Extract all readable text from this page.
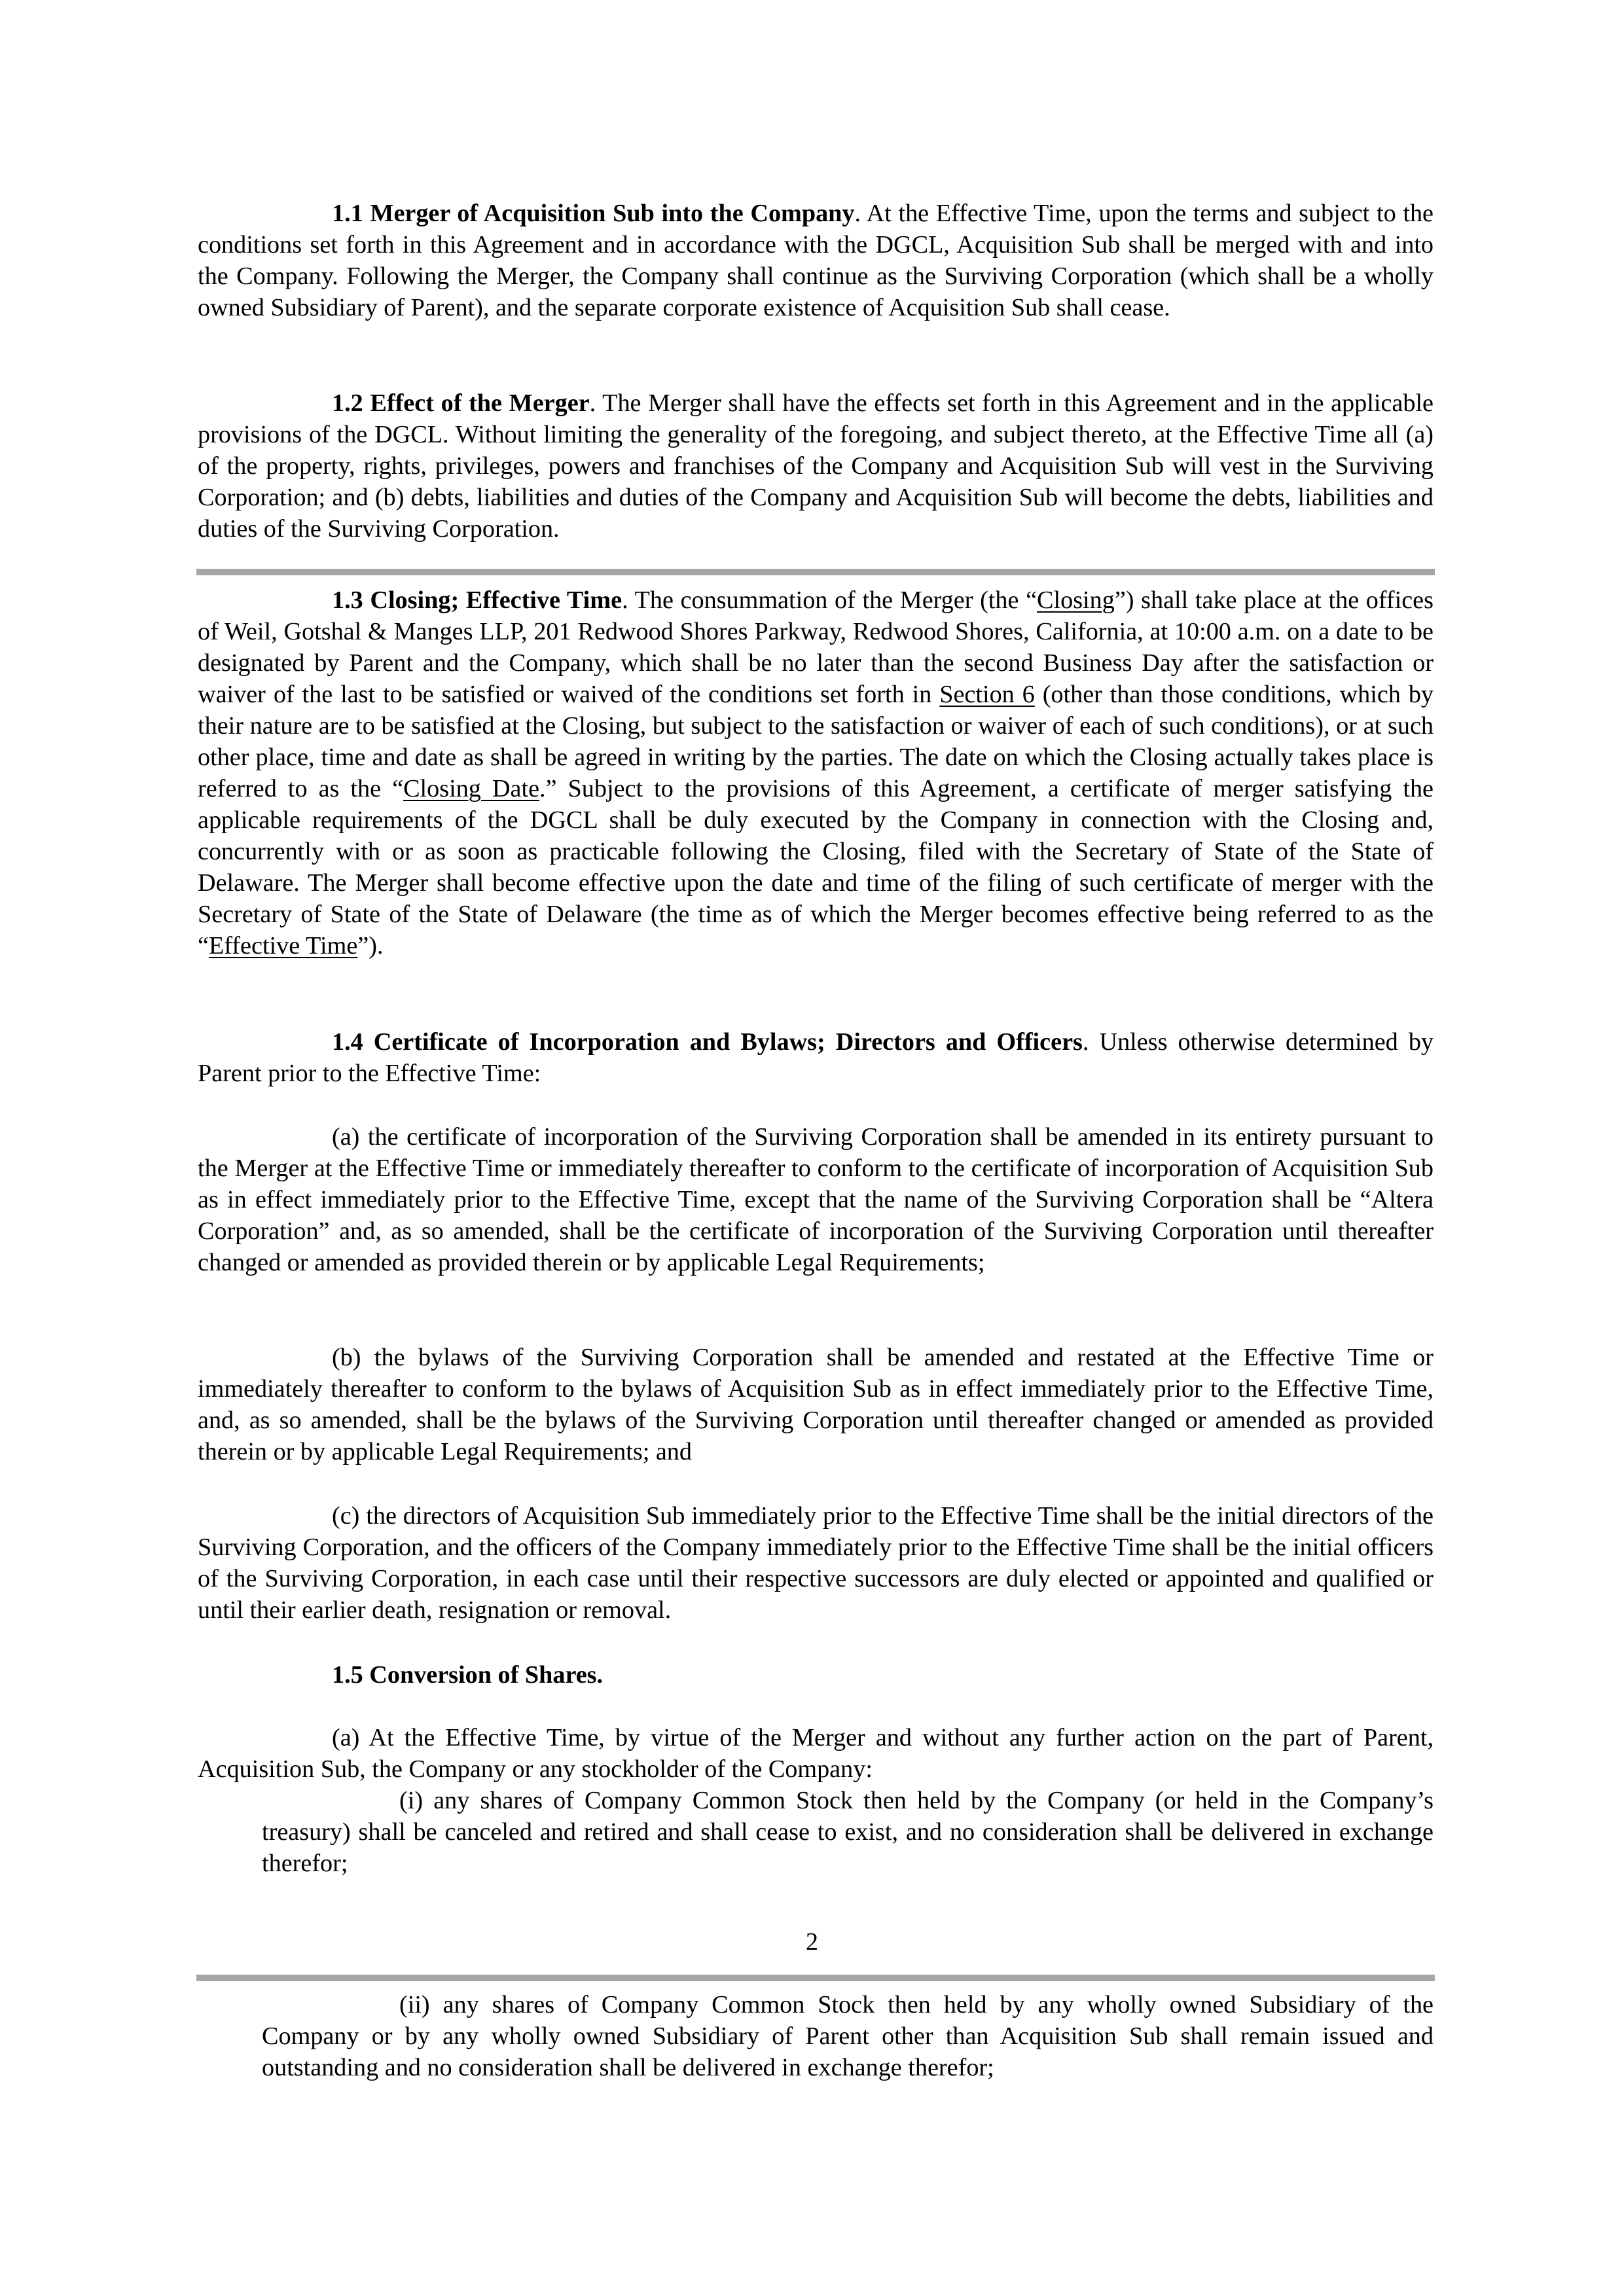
1.1 Merger of Acquisition Sub into the Company. At the Effective Time, upon the terms and subject to the conditions set forth in this Agreement and in accordance with the DGCL, Acquisition Sub shall be merged with and into the Company. Following the Merger, the Company shall continue as the Surviving Corporation (which shall be a wholly owned Subsidiary of Parent), and the separate corporate existence of Acquisition Sub shall cease.
1.2 Effect of the Merger. The Merger shall have the effects set forth in this Agreement and in the applicable provisions of the DGCL. Without limiting the generality of the foregoing, and subject thereto, at the Effective Time all (a) of the property, rights, privileges, powers and franchises of the Company and Acquisition Sub will vest in the Surviving Corporation; and (b) debts, liabilities and duties of the Company and Acquisition Sub will become the debts, liabilities and duties of the Surviving Corporation.
1.3 Closing; Effective Time. The consummation of the Merger (the “Closing”) shall take place at the offices of Weil, Gotshal & Manges LLP, 201 Redwood Shores Parkway, Redwood Shores, California, at 10:00 a.m. on a date to be designated by Parent and the Company, which shall be no later than the second Business Day after the satisfaction or waiver of the last to be satisfied or waived of the conditions set forth in Section 6 (other than those conditions, which by their nature are to be satisfied at the Closing, but subject to the satisfaction or waiver of each of such conditions), or at such other place, time and date as shall be agreed in writing by the parties. The date on which the Closing actually takes place is referred to as the “Closing Date.” Subject to the provisions of this Agreement, a certificate of merger satisfying the applicable requirements of the DGCL shall be duly executed by the Company in connection with the Closing and, concurrently with or as soon as practicable following the Closing, filed with the Secretary of State of the State of Delaware. The Merger shall become effective upon the date and time of the filing of such certificate of merger with the Secretary of State of the State of Delaware (the time as of which the Merger becomes effective being referred to as the “Effective Time”).
1.4 Certificate of Incorporation and Bylaws; Directors and Officers. Unless otherwise determined by Parent prior to the Effective Time:
(a) the certificate of incorporation of the Surviving Corporation shall be amended in its entirety pursuant to the Merger at the Effective Time or immediately thereafter to conform to the certificate of incorporation of Acquisition Sub as in effect immediately prior to the Effective Time, except that the name of the Surviving Corporation shall be “Altera Corporation” and, as so amended, shall be the certificate of incorporation of the Surviving Corporation until thereafter changed or amended as provided therein or by applicable Legal Requirements;
(b) the bylaws of the Surviving Corporation shall be amended and restated at the Effective Time or immediately thereafter to conform to the bylaws of Acquisition Sub as in effect immediately prior to the Effective Time, and, as so amended, shall be the bylaws of the Surviving Corporation until thereafter changed or amended as provided therein or by applicable Legal Requirements; and
(c) the directors of Acquisition Sub immediately prior to the Effective Time shall be the initial directors of the Surviving Corporation, and the officers of the Company immediately prior to the Effective Time shall be the initial officers of the Surviving Corporation, in each case until their respective successors are duly elected or appointed and qualified or until their earlier death, resignation or removal.
1.5 Conversion of Shares.
(a) At the Effective Time, by virtue of the Merger and without any further action on the part of Parent, Acquisition Sub, the Company or any stockholder of the Company:
(i) any shares of Company Common Stock then held by the Company (or held in the Company’s treasury) shall be canceled and retired and shall cease to exist, and no consideration shall be delivered in exchange therefor;
2
(ii) any shares of Company Common Stock then held by any wholly owned Subsidiary of the Company or by any wholly owned Subsidiary of Parent other than Acquisition Sub shall remain issued and outstanding and no consideration shall be delivered in exchange therefor;
